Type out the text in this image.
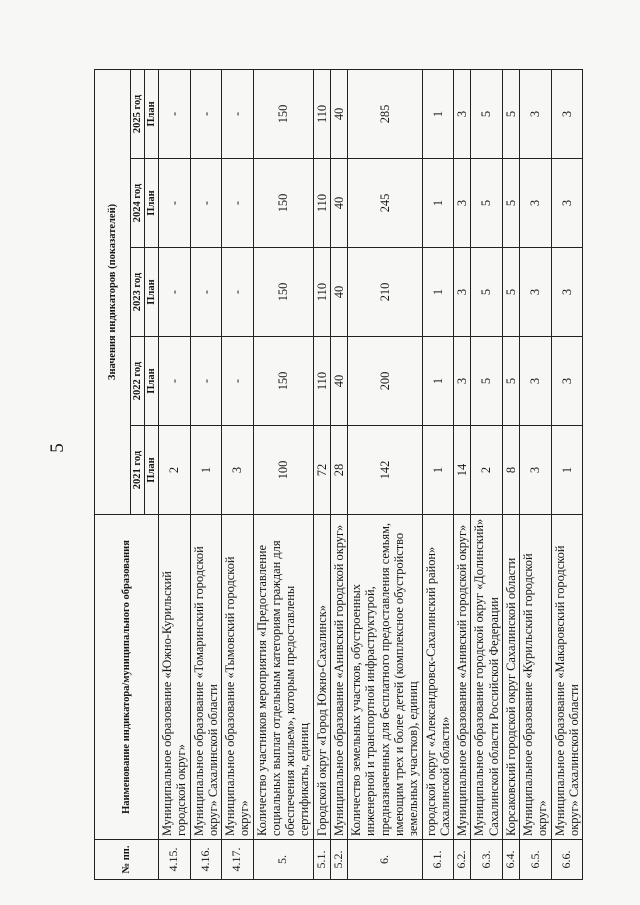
5
№ пп.	Наименование индикатора/муниципального образования	Значения индикаторов (показателей)				
		2021 год	2022 год	2023 год	2024 год	2025 год
		План	План	План	План	План
4.15.	Муниципальное образование «Южно-Курильский городской округ»	2	-	-	-	-
4.16.	Муниципальное образование «Томаринский городской округ» Сахалинской области	1	-	-	-	-
4.17.	Муниципальное образование «Тымовский городской округ»	3	-	-	-	-
5.	Количество участников мероприятия «Предоставление социальных выплат отдельным категориям граждан для обеспечения жильем», которым предоставлены сертификаты, единиц	100	150	150	150	150
5.1.	Городской округ «Город Южно-Сахалинск»	72	110	110	110	110
5.2.	Муниципальное образование «Анивский городской округ»	28	40	40	40	40
6.	Количество земельных участков, обустроенных инженерной и транспортной инфраструктурой, предназначенных для бесплатного предоставления семьям, имеющим трех и более детей (комплексное обустройство земельных участков), единиц	142	200	210	245	285
6.1.	городской округ «Александровск-Сахалинский район» Сахалинской области»	1	1	1	1	1
6.2.	Муниципальное образование «Анивский городской округ»	14	3	3	3	3
6.3.	Муниципальное образование городской округ «Долинский» Сахалинской области Российской Федерации	2	5	5	5	5
6.4.	Корсаковский городской округ Сахалинской области	8	5	5	5	5
6.5.	Муниципальное образование «Курильский городской округ»	3	3	3	3	3
6.6.	Муниципальное образование «Макаровский городской округ» Сахалинской области	1	3	3	3	3
